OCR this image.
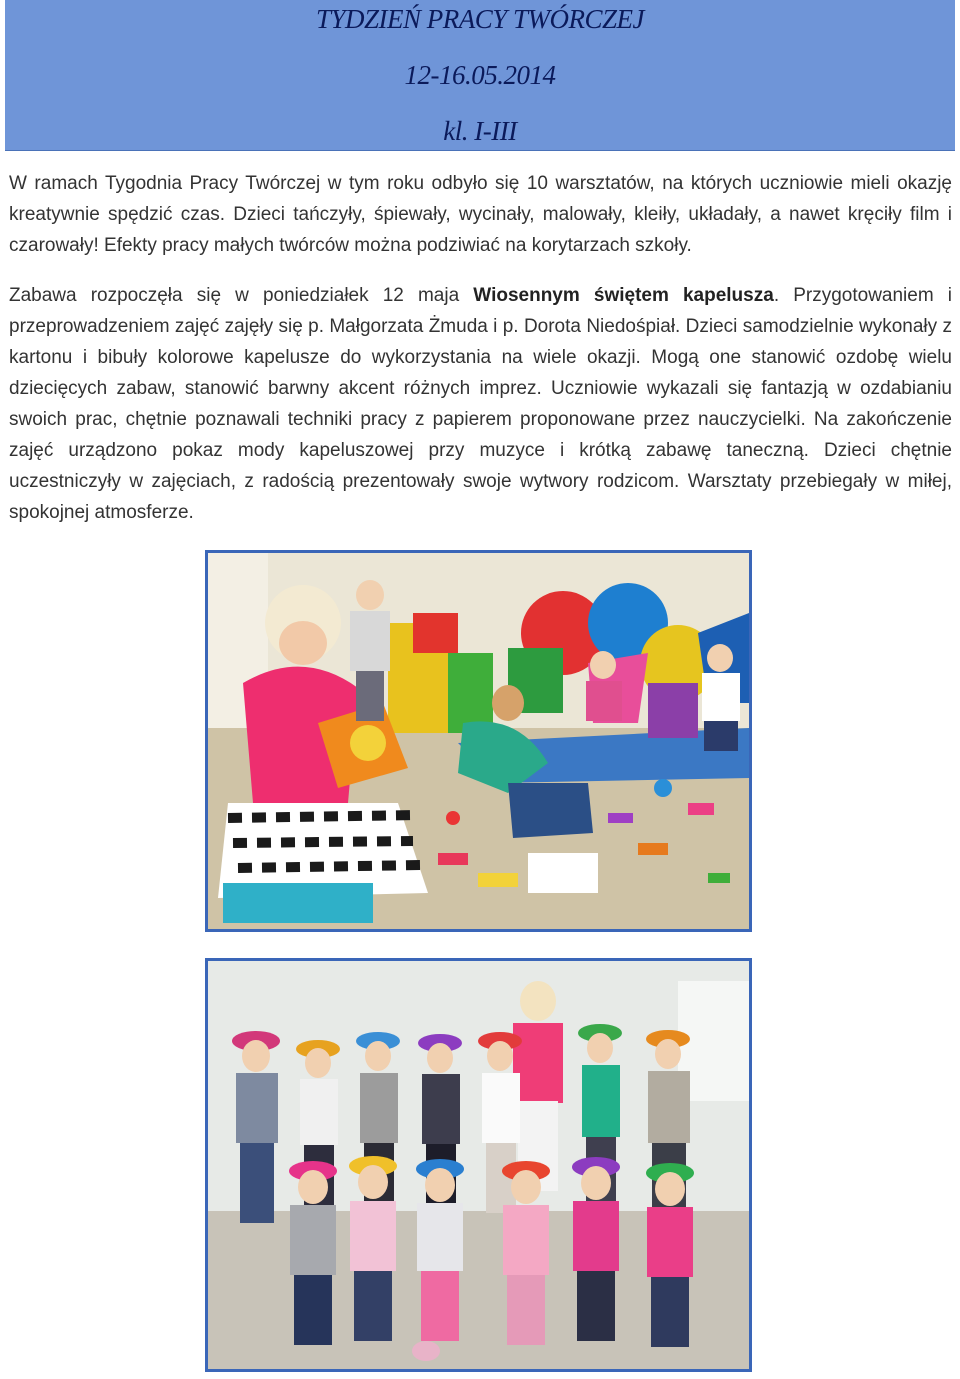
TYDZIEŃ PRACY TWÓRCZEJ
12-16.05.2014
kl. I-III

W ramach Tygodnia Pracy Twórczej w tym roku odbyło się 10 warsztatów, na których uczniowie mieli okazję kreatywnie spędzić czas. Dzieci tańczyły, śpiewały, wycinały, malowały, kleiły, układały, a nawet kręciły film i czarowały! Efekty pracy małych twórców można podziwiać na korytarzach szkoły.

Zabawa rozpoczęła się w poniedziałek 12 maja Wiosennym świętem kapelusza. Przygotowaniem i przeprowadzeniem zajęć zajęły się p. Małgorzata Żmuda i p. Dorota Niedośpiał. Dzieci samodzielnie wykonały z kartonu i bibuły kolorowe kapelusze do wykorzystania na wiele okazji. Mogą one stanowić ozdobę wielu dziecięcych zabaw, stanowić barwny akcent różnych imprez. Uczniowie wykazali się fantazją w ozdabianiu swoich prac, chętnie poznawali techniki pracy z papierem proponowane przez nauczycielki. Na zakończenie zajęć urządzono pokaz mody kapeluszowej przy muzyce i krótką zabawę taneczną. Dzieci chętnie uczestniczyły w zajęciach, z radością prezentowały swoje wytwory rodzicom. Warsztaty przebiegały w miłej, spokojnej atmosferze.
